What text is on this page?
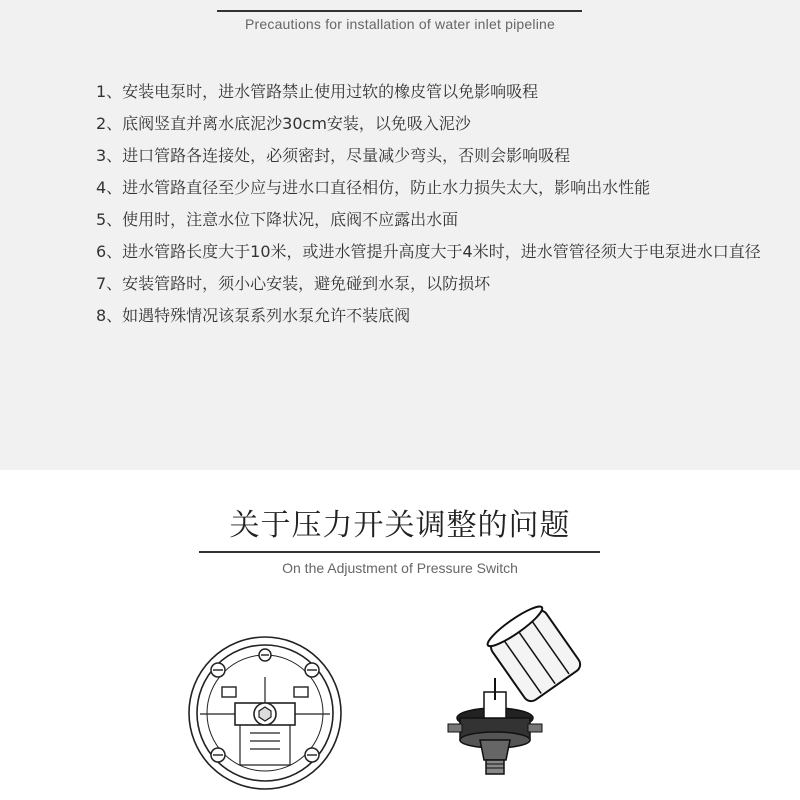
Precautions for installation of water inlet pipeline
1、安装电泵时，进水管路禁止使用过软的橡皮管以免影响吸程
2、底阀竖直并离水底泥沙30cm安装，以免吸入泥沙
3、进口管路各连接处，必须密封，尽量减少弯头，否则会影响吸程
4、进水管路直径至少应与进水口直径相仿，防止水力损失太大，影响出水性能
5、使用时，注意水位下降状况，底阀不应露出水面
6、进水管路长度大于10米，或进水管提升高度大于4米时，进水管管径须大于电泵进水口直径
7、安装管路时，须小心安装，避免碰到水泵，以防损坏
8、如遇特殊情况该泵系列水泵允许不装底阀
关于压力开关调整的问题
On the Adjustment of Pressure Switch
